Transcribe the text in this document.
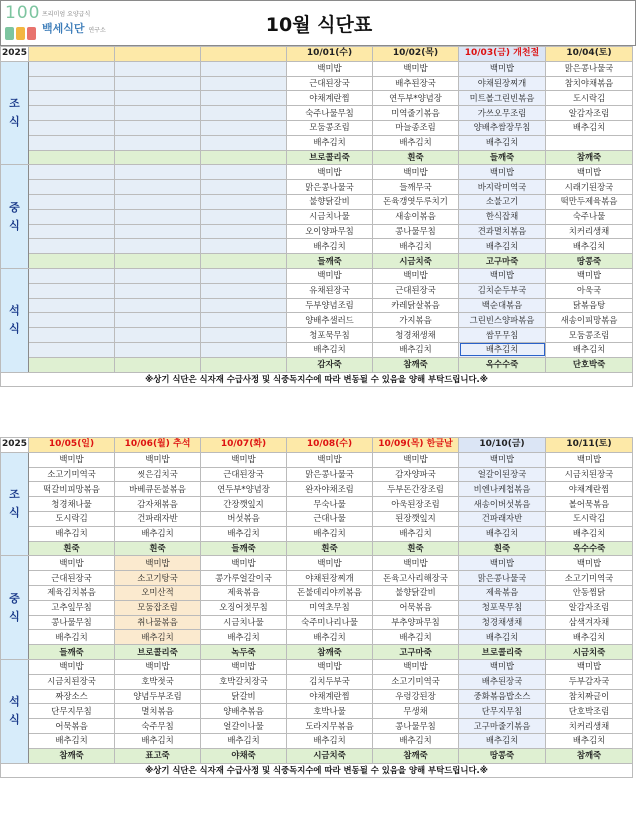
100 프리미엄 요양급식
백세식단 연구소	10월 식단표
2025				10/01(수)	10/02(목)	10/03(금) 개천절	10/04(토)
조
식				백미밥	백미밥	백미밥	맑은콩나물국
				근대된장국	배추된장국	야채된장찌개	참치야채볶음
				야채계란찜	연두부*양념장	미트볼그린빈볶음	도시락김
				숙주나물무침	미역줄기볶음	가쓰오무조림	알감자조림
				모둠콩조림	마늘종조림	양배추쌈장무침	배추김치
				배추김치	배추김치	배추김치	
				브로콜리죽	흰죽	들깨죽	참깨죽
중
식				백미밥	백미밥	백미밥	백미밥
				맑은콩나물국	들깨무국	바지락미역국	시래기된장국
				불향닭갈비	돈육갱엿두루치기	소불고기	떡만두제육볶음
				시금치나물	새송이볶음	한식잡채	숙주나물
				오이양파무침	콩나물무침	견과멸치볶음	치커리생채
				배추김치	배추김치	배추김치	배추김치
				들깨죽	시금치죽	고구마죽	땅콩죽
석
식				백미밥	백미밥	백미밥	백미밥
				유채된장국	근대된장국	김치순두부국	아욱국
				두부양념조림	카레닭살볶음	백순대볶음	닭볶음탕
				양배추샐러드	가지볶음	그린빈스양파볶음	새송이피망볶음
				청포묵무침	청경채생채	쌈무무침	모둠콩조림
				배추김치	배추김치	배추김치	배추김치
				감자죽	참깨죽	옥수수죽	단호박죽
※상기 식단은 식자재 수급사정 및 식중독지수에 따라 변동될 수 있음을 양해 부탁드립니다.※							
2025	10/05(일)	10/06(월) 추석	10/07(화)	10/08(수)	10/09(목) 한글날	10/10(금)	10/11(토)
조
식	백미밥	백미밥	백미밥	백미밥	백미밥	백미밥	백미밥
	소고기미역국	씻은김치국	근대된장국	맑은콩나물국	감자양파국	얼갈이된장국	시금치된장국
	떡갈비피망볶음	바베큐돈불볶음	연두부*양념장	완자야채조림	두부돈간장조림	비엔나케첩볶음	야채계란찜
	청경채나물	감자채볶음	간장깻잎지	무숙나물	아욱된장조림	새송이버섯볶음	볼어묵볶음
	도시락김	건파래자반	버섯볶음	근대나물	된장깻잎지	건파래자반	도시락김
	배추김치	배추김치	배추김치	배추김치	배추김치	배추김치	배추김치
	흰죽	흰죽	들깨죽	흰죽	흰죽	흰죽	옥수수죽
중
식	백미밥	백미밥	백미밥	백미밥	백미밥	백미밥	백미밥
	근대된장국	소고기탕국	콩가루얼갈이국	야채된장찌개	돈육고사리해장국	맑은콩나물국	소고기미역국
	제육김치볶음	오미산적	제육볶음	돈불데리야끼볶음	불향닭갈비	제육볶음	안동찜닭
	고추잎무침	모둠잡조림	오징어젓무침	미역초무침	어묵볶음	청포묵무침	알감자조림
	콩나물무침	취나물볶음	시금치나물	숙주미나리나물	부추양파무침	청경채생채	삼색겨자채
	배추김치	배추김치	배추김치	배추김치	배추김치	배추김치	배추김치
	들깨죽	브로콜리죽	녹두죽	참깨죽	고구마죽	브로콜리죽	시금치죽
석
식	백미밥	백미밥	백미밥	백미밥	백미밥	백미밥	백미밥
	시금치된장국	호박젓국	호박갈치장국	김치두부국	소고기미역국	배추된장국	두부감자국
	짜장소스	양념두부조림	닭갈비	야채계란찜	우렁강된장	중화볶음밥소스	참치짜글이
	단무지무침	멸치볶음	양배추볶음	호박나물	무생채	단무지무침	단호박조림
	어묵볶음	숙주무침	얼갈이나물	도라지무볶음	콩나물무침	고구마줄기볶음	치커리생채
	배추김치	배추김치	배추김치	배추김치	배추김치	배추김치	배추김치
	참깨죽	표고죽	야채죽	시금치죽	참깨죽	땅콩죽	참깨죽
※상기 식단은 식자재 수급사정 및 식중독지수에 따라 변동될 수 있음을 양해 부탁드립니다.※							
